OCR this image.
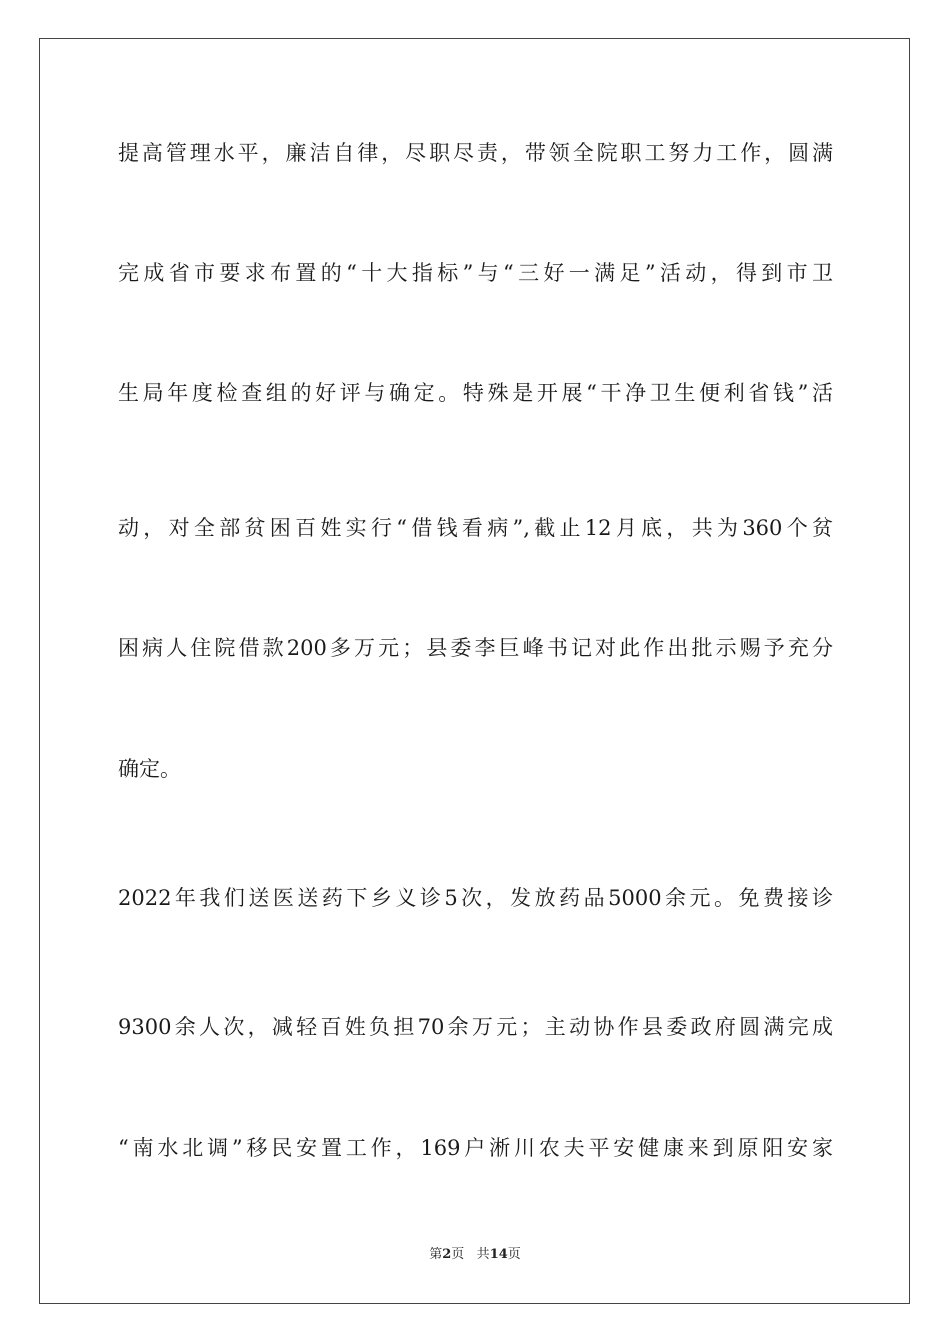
提高管理水平，廉洁自律，尽职尽责，带领全院职工努力工作，圆满
完成省市要求布置的“十大指标”与“三好一满足”活动，得到市卫
生局年度检查组的好评与确定。特殊是开展“干净卫生便利省钱”活
动，对全部贫困百姓实行“借钱看病”,截止12月底，共为360个贫
困病人住院借款200多万元；县委李巨峰书记对此作出批示赐予充分
确定。
2022年我们送医送药下乡义诊5次，发放药品5000余元。免费接诊
9300余人次，减轻百姓负担70余万元；主动协作县委政府圆满完成
“南水北调”移民安置工作，169户淅川农夫平安健康来到原阳安家
第2页 共14页
